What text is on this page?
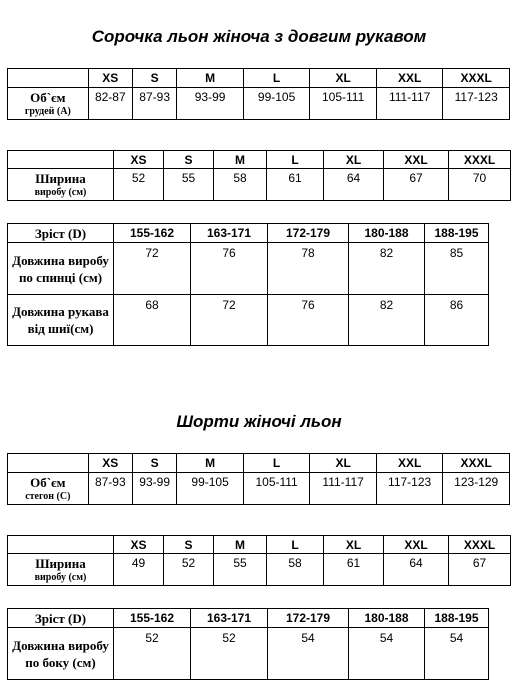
Сорочка льон жіноча з довгим рукавом
	XS	S	M	L	XL	XXL	XXXL
Об`єм
грудей (А)	82-87	87-93	93-99	99-105	105-111	111-117	117-123
	XS	S	M	L	XL	XXL	XXXL
Ширина
виробу (см)	52	55	58	61	64	67	70
Зріст (D)	155-162	163-171	172-179	180-188	188-195
Довжина виробу по спинці (см)	72	76	78	82	85
Довжина рукава від шиї(см)	68	72	76	82	86
Шорти жіночі льон
	XS	S	M	L	XL	XXL	XXXL
Об`єм
стегон (С)	87-93	93-99	99-105	105-111	111-117	117-123	123-129
	XS	S	M	L	XL	XXL	XXXL
Ширина
виробу (см)	49	52	55	58	61	64	67
Зріст (D)	155-162	163-171	172-179	180-188	188-195
Довжина виробу по боку (см)	52	52	54	54	54
